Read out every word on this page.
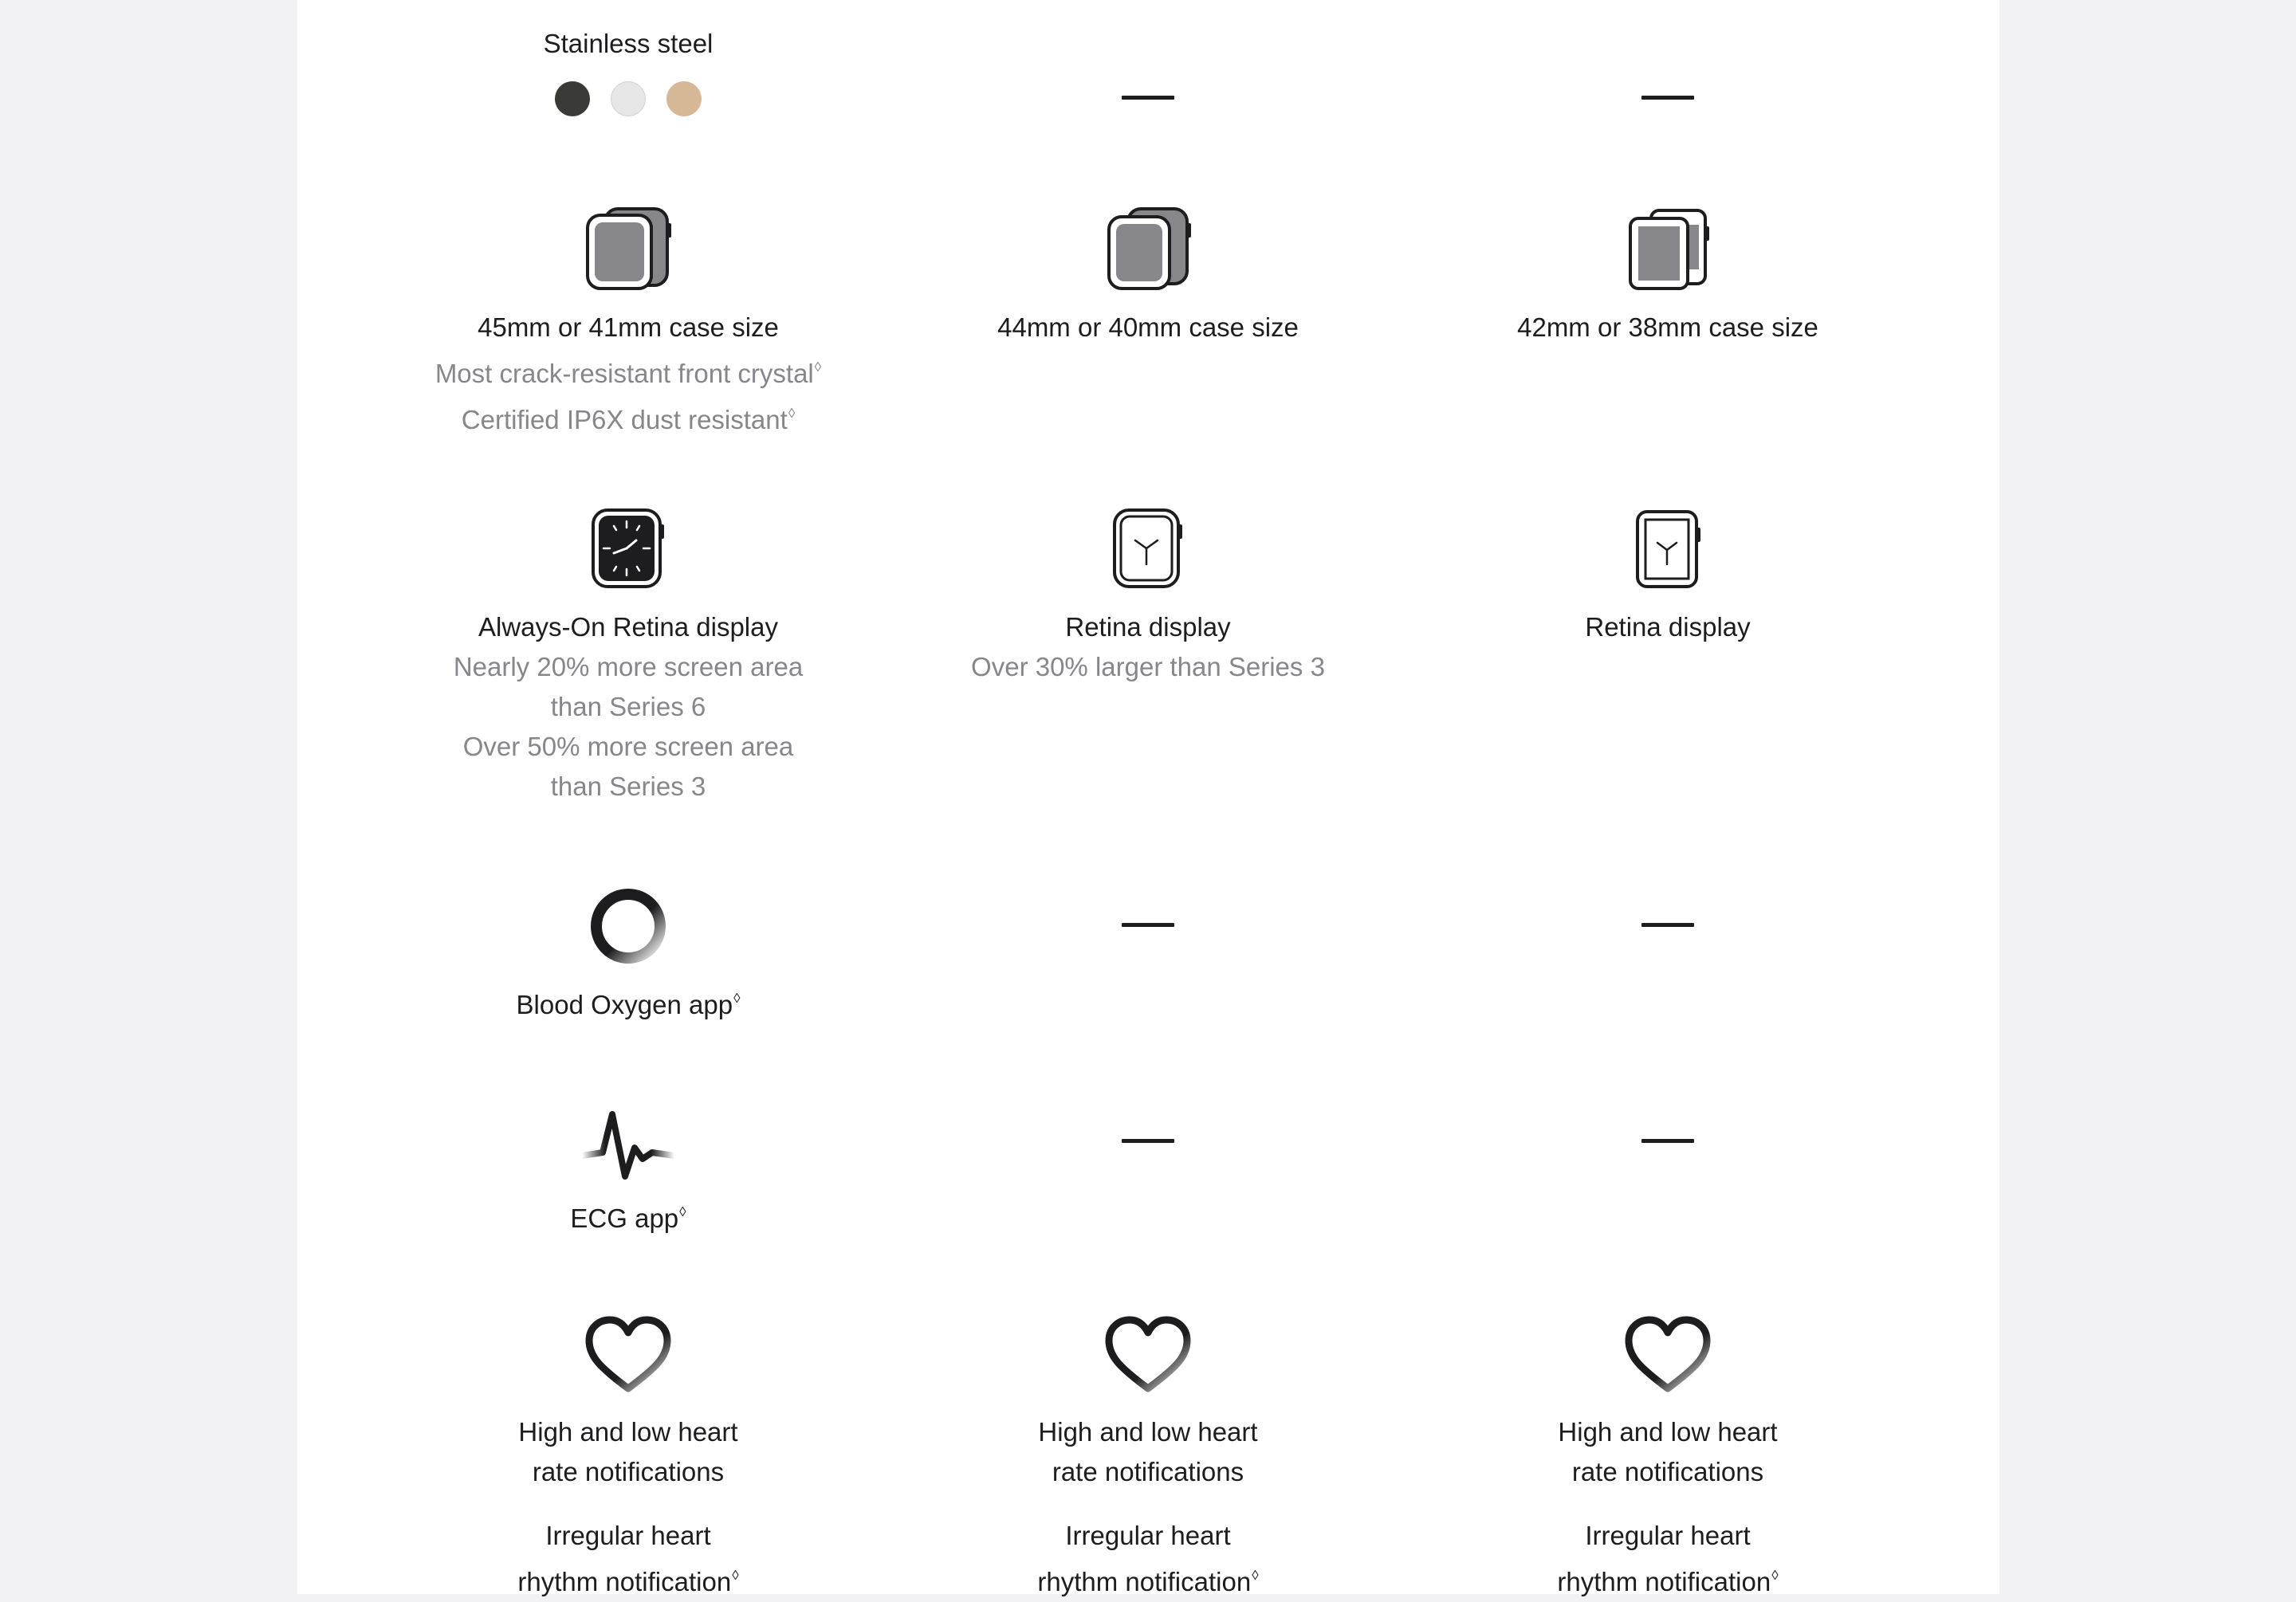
Stainless steel
45mm or 41mm case size
Most crack-resistant front crystal◊
Certified IP6X dust resistant◊
44mm or 40mm case size	42mm or 38mm case size
Always-On Retina display
Nearly 20% more screen area
than Series 6
Over 50% more screen area
than Series 3
Retina display
Over 30% larger than Series 3
Retina display
Blood Oxygen app◊
ECG app◊
High and low heart
rate notifications
Irregular heart
rhythm notification◊
High and low heart
rate notifications
Irregular heart
rhythm notification◊
High and low heart
rate notifications
Irregular heart
rhythm notification◊
